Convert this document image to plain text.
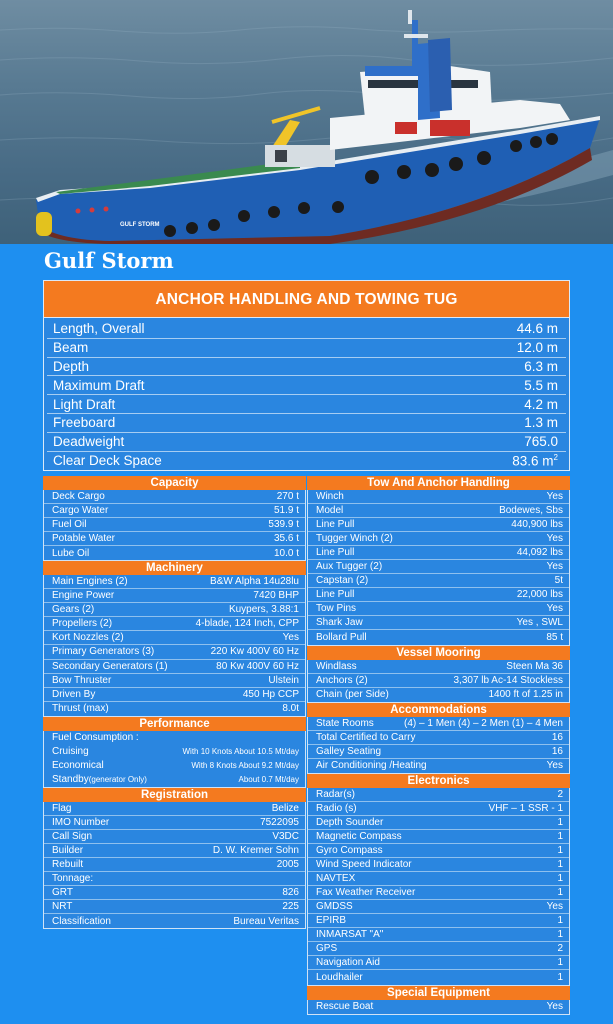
GULF STORM
Gulf Storm
ANCHOR HANDLING AND TOWING TUG
Length, Overall	44.6 m
Beam	12.0 m
Depth	6.3 m
Maximum Draft	5.5 m
Light Draft	4.2 m
Freeboard	1.3 m
Deadweight	765.0
Clear Deck Space	83.6 $m^2$
Capacity
Deck Cargo	270 t
Cargo Water	51.9 t
Fuel Oil	539.9 t
Potable Water	35.6 t
Lube Oil	10.0 t
Machinery
Main Engines (2)	B&W Alpha 14u28lu
Engine Power	7420 BHP
Gears (2)	Kuypers, 3.88:1
Propellers (2)	4-blade, 124 Inch, CPP
Kort Nozzles (2)	Yes
Primary Generators (3)	220 Kw 400V 60 Hz
Secondary Generators (1)	80 Kw 400V 60 Hz
Bow Thruster	Ulstein
Driven By	450 Hp CCP
Thrust (max)	8.0t
Performance
Fuel Consumption :
Cruising	With 10 Knots About 10.5 Mt/day
Economical	With 8 Knots About 9.2 Mt/day
Standby(generator Only)	About 0.7 Mt/day
Registration
Flag	Belize
IMO Number	7522095
Call Sign	V3DC
Builder	D. W. Kremer Sohn
Rebuilt	2005
Tonnage:
GRT	826
NRT	225
Classification	Bureau Veritas
Tow And Anchor Handling
Winch	Yes
Model	Bodewes, Sbs
Line Pull	440,900 lbs
Tugger Winch (2)	Yes
Line Pull	44,092 lbs
Aux Tugger (2)	Yes
Capstan (2)	5t
Line Pull	22,000 lbs
Tow Pins	Yes
Shark Jaw	Yes , SWL
Bollard Pull	85 t
Vessel Mooring
Windlass	Steen Ma 36
Anchors (2)	3,307 lb Ac-14 Stockless
Chain (per Side)	1400 ft of 1.25 in
Accommodations
State Rooms	(4) – 1 Men (4) – 2 Men (1) – 4 Men
Total Certified to Carry	16
Galley Seating	16
Air Conditioning /Heating	Yes
Electronics
Radar(s)	2
Radio (s)	VHF – 1 SSR - 1
Depth Sounder	1
Magnetic Compass	1
Gyro Compass	1
Wind Speed Indicator	1
NAVTEX	1
Fax Weather Receiver	1
GMDSS	Yes
EPIRB	1
INMARSAT "A"	1
GPS	2
Navigation Aid	1
Loudhailer	1
Special Equipment
Rescue Boat	Yes
